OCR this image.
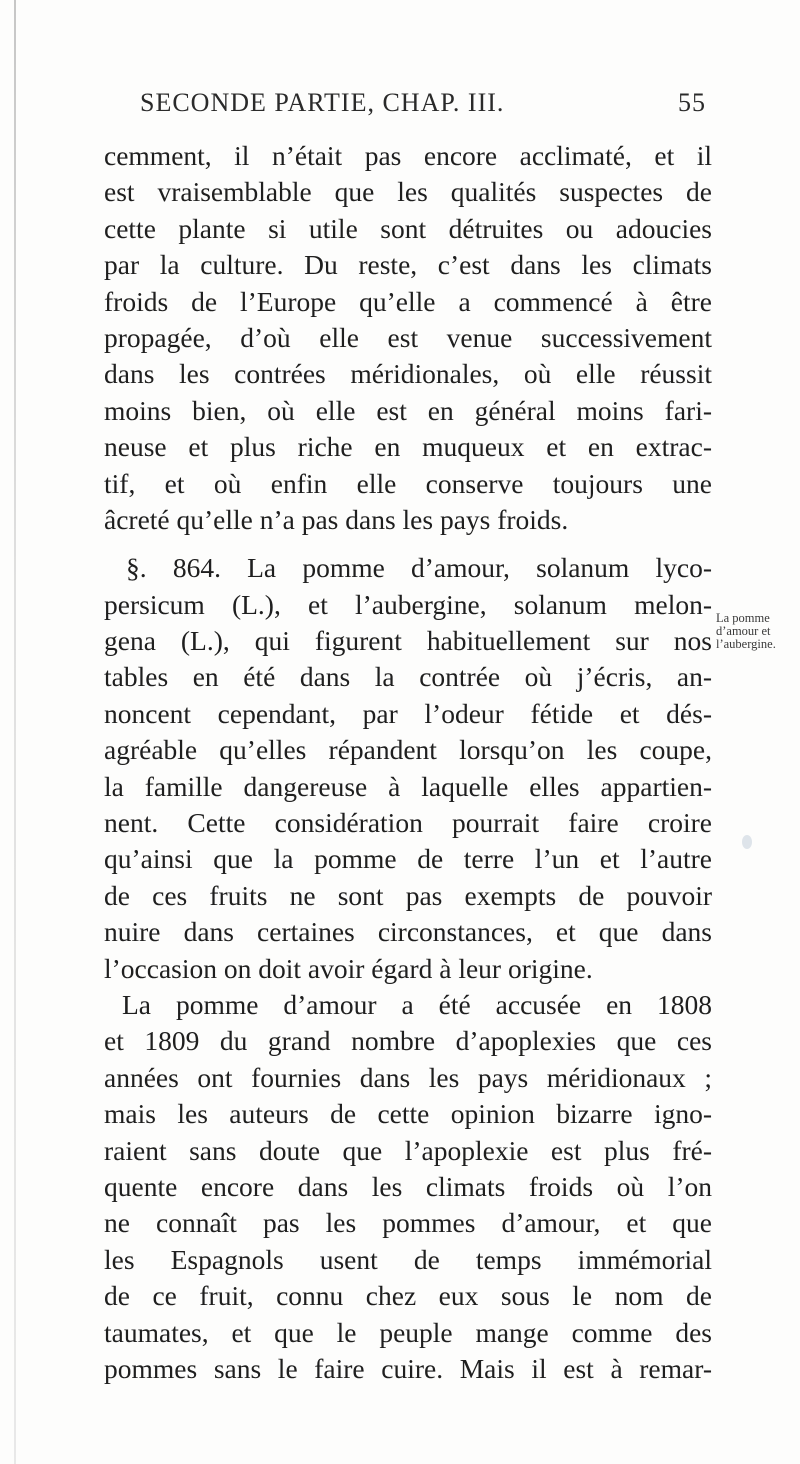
SECONDE PARTIE, CHAP. III.	55
cemment, il n’était pas encore acclimaté, et il
est vraisemblable que les qualités suspectes de
cette plante si utile sont détruites ou adoucies
par la culture. Du reste, c’est dans les climats
froids de l’Europe qu’elle a commencé à être
propagée, d’où elle est venue successivement
dans les contrées méridionales, où elle réussit
moins bien, où elle est en général moins fari-
neuse et plus riche en muqueux et en extrac-
tif, et où enfin elle conserve toujours une
âcreté qu’elle n’a pas dans les pays froids.
§. 864. La pomme d’amour, solanum lyco-
persicum (L.), et l’aubergine, solanum melon-
gena (L.), qui figurent habituellement sur nos
tables en été dans la contrée où j’écris, an-
noncent cependant, par l’odeur fétide et dés-
agréable qu’elles répandent lorsqu’on les coupe,
la famille dangereuse à laquelle elles appartien-
nent. Cette considération pourrait faire croire
qu’ainsi que la pomme de terre l’un et l’autre
de ces fruits ne sont pas exempts de pouvoir
nuire dans certaines circonstances, et que dans
l’occasion on doit avoir égard à leur origine.
La pomme d’amour a été accusée en 1808
et 1809 du grand nombre d’apoplexies que ces
années ont fournies dans les pays méridionaux ;
mais les auteurs de cette opinion bizarre igno-
raient sans doute que l’apoplexie est plus fré-
quente encore dans les climats froids où l’on
ne connaît pas les pommes d’amour, et que
les Espagnols usent de temps immémorial
de ce fruit, connu chez eux sous le nom de
taumates, et que le peuple mange comme des
pommes sans le faire cuire. Mais il est à remar-
La pomme
d’amour et
l’aubergine.
